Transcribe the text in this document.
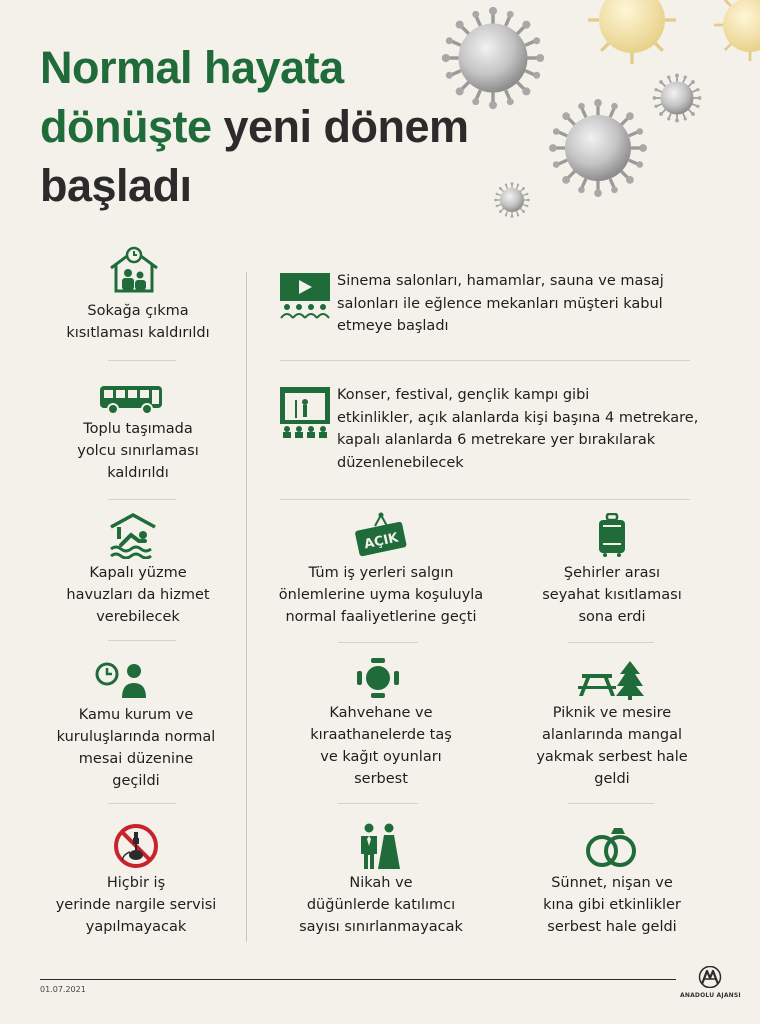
Normal hayata
dönüşte yeni dönem
başladı
Sokağa çıkma
kısıtlaması kaldırıldı
Toplu taşımada
yolcu sınırlaması
kaldırıldı
Kapalı yüzme
havuzları da hizmet
verebilecek
Kamu kurum ve
kuruluşlarında normal
mesai düzenine
geçildi
Hiçbir iş
yerinde nargile servisi
yapılmayacak
Sinema salonları, hamamlar, sauna ve masaj
salonları ile eğlence mekanları müşteri kabul
etmeye başladı
Konser, festival, gençlik kampı gibi
etkinlikler, açık alanlarda kişi başına 4 metrekare,
kapalı alanlarda 6 metrekare yer bırakılarak
düzenlenebilecek
AÇIK
Tüm iş yerleri salgın
önlemlerine uyma koşuluyla
normal faaliyetlerine geçti
Kahvehane ve
kıraathanelerde taş
ve kağıt oyunları
serbest
Nikah ve
düğünlerde katılımcı
sayısı sınırlanmayacak
Şehirler arası
seyahat kısıtlaması
sona erdi
Piknik ve mesire
alanlarında mangal
yakmak serbest hale
geldi
Sünnet, nişan ve
kına gibi etkinlikler
serbest hale geldi
01.07.2021
ANADOLU AJANSI
